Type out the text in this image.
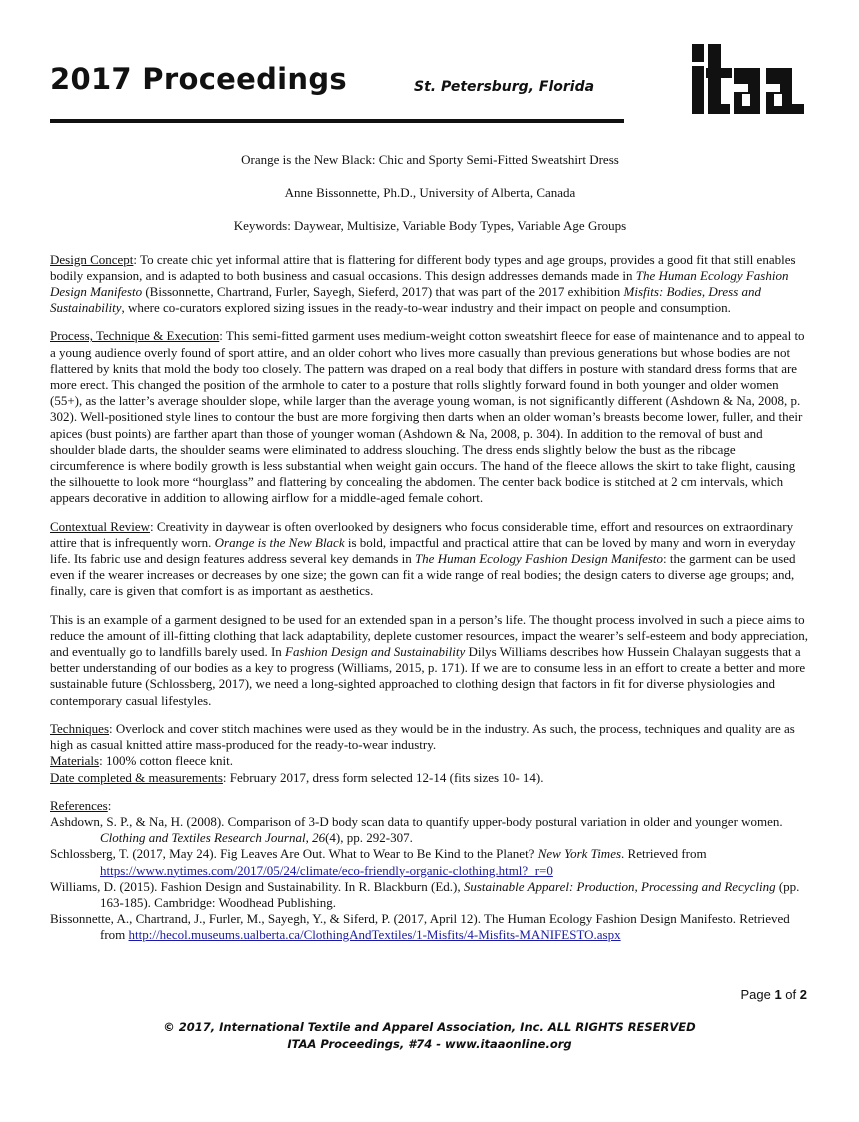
2017 Proceedings	St. Petersburg, Florida

Orange is the New Black: Chic and Sporty Semi-Fitted Sweatshirt Dress

Anne Bissonnette, Ph.D., University of Alberta, Canada

Keywords: Daywear, Multisize, Variable Body Types, Variable Age Groups

Design Concept: To create chic yet informal attire that is flattering for different body types and age groups, provides a good fit that still enables bodily expansion, and is adapted to both business and casual occasions. This design addresses demands made in The Human Ecology Fashion Design Manifesto (Bissonnette, Chartrand, Furler, Sayegh, Sieferd, 2017) that was part of the 2017 exhibition Misfits: Bodies, Dress and Sustainability, where co-curators explored sizing issues in the ready-to-wear industry and their impact on people and consumption.

Process, Technique & Execution: This semi-fitted garment uses medium-weight cotton sweatshirt fleece for ease of maintenance and to appeal to a young audience overly found of sport attire, and an older cohort who lives more casually than previous generations but whose bodies are not flattered by knits that mold the body too closely. The pattern was draped on a real body that differs in posture with standard dress forms that are more erect. This changed the position of the armhole to cater to a posture that rolls slightly forward found in both younger and older women (55+), as the latter’s average shoulder slope, while larger than the average young woman, is not significantly different (Ashdown & Na, 2008, p. 302). Well-positioned style lines to contour the bust are more forgiving then darts when an older woman’s breasts become lower, fuller, and their apices (bust points) are farther apart than those of younger woman (Ashdown & Na, 2008, p. 304). In addition to the removal of bust and shoulder blade darts, the shoulder seams were eliminated to address slouching. The dress ends slightly below the bust as the ribcage circumference is where bodily growth is less substantial when weight gain occurs. The hand of the fleece allows the skirt to take flight, causing the silhouette to look more “hourglass” and flattering by concealing the abdomen. The center back bodice is stitched at 2 cm intervals, which appears decorative in addition to allowing airflow for a middle-aged female cohort.

Contextual Review: Creativity in daywear is often overlooked by designers who focus considerable time, effort and resources on extraordinary attire that is infrequently worn. Orange is the New Black is bold, impactful and practical attire that can be loved by many and worn in everyday life. Its fabric use and design features address several key demands in The Human Ecology Fashion Design Manifesto: the garment can be used even if the wearer increases or decreases by one size; the gown can fit a wide range of real bodies; the design caters to diverse age groups; and, finally, care is given that comfort is as important as aesthetics.

This is an example of a garment designed to be used for an extended span in a person’s life. The thought process involved in such a piece aims to reduce the amount of ill-fitting clothing that lack adaptability, deplete customer resources, impact the wearer’s self-esteem and body appreciation, and eventually go to landfills barely used. In Fashion Design and Sustainability Dilys Williams describes how Hussein Chalayan suggests that a better understanding of our bodies as a key to progress (Williams, 2015, p. 171). If we are to consume less in an effort to create a better and more sustainable future (Schlossberg, 2017), we need a long-sighted approached to clothing design that factors in fit for diverse physiologies and contemporary casual lifestyles.

Techniques: Overlock and cover stitch machines were used as they would be in the industry. As such, the process, techniques and quality are as high as casual knitted attire mass-produced for the ready-to-wear industry.

Materials: 100% cotton fleece knit.

Date completed & measurements: February 2017, dress form selected 12-14 (fits sizes 10- 14).

References:

Ashdown, S. P., & Na, H. (2008). Comparison of 3-D body scan data to quantify upper-body postural variation in older and younger women. Clothing and Textiles Research Journal, 26(4), pp. 292-307.

Schlossberg, T. (2017, May 24). Fig Leaves Are Out. What to Wear to Be Kind to the Planet? New York Times. Retrieved from https://www.nytimes.com/2017/05/24/climate/eco-friendly-organic-clothing.html?_r=0

Williams, D. (2015). Fashion Design and Sustainability. In R. Blackburn (Ed.), Sustainable Apparel: Production, Processing and Recycling (pp. 163-185). Cambridge: Woodhead Publishing.

Bissonnette, A., Chartrand, J., Furler, M., Sayegh, Y., & Siferd, P. (2017, April 12). The Human Ecology Fashion Design Manifesto. Retrieved from http://hecol.museums.ualberta.ca/ClothingAndTextiles/1-Misfits/4-Misfits-MANIFESTO.aspx

Page 1 of 2
© 2017, International Textile and Apparel Association, Inc. ALL RIGHTS RESERVED
ITAA Proceedings, #74 - www.itaaonline.org
